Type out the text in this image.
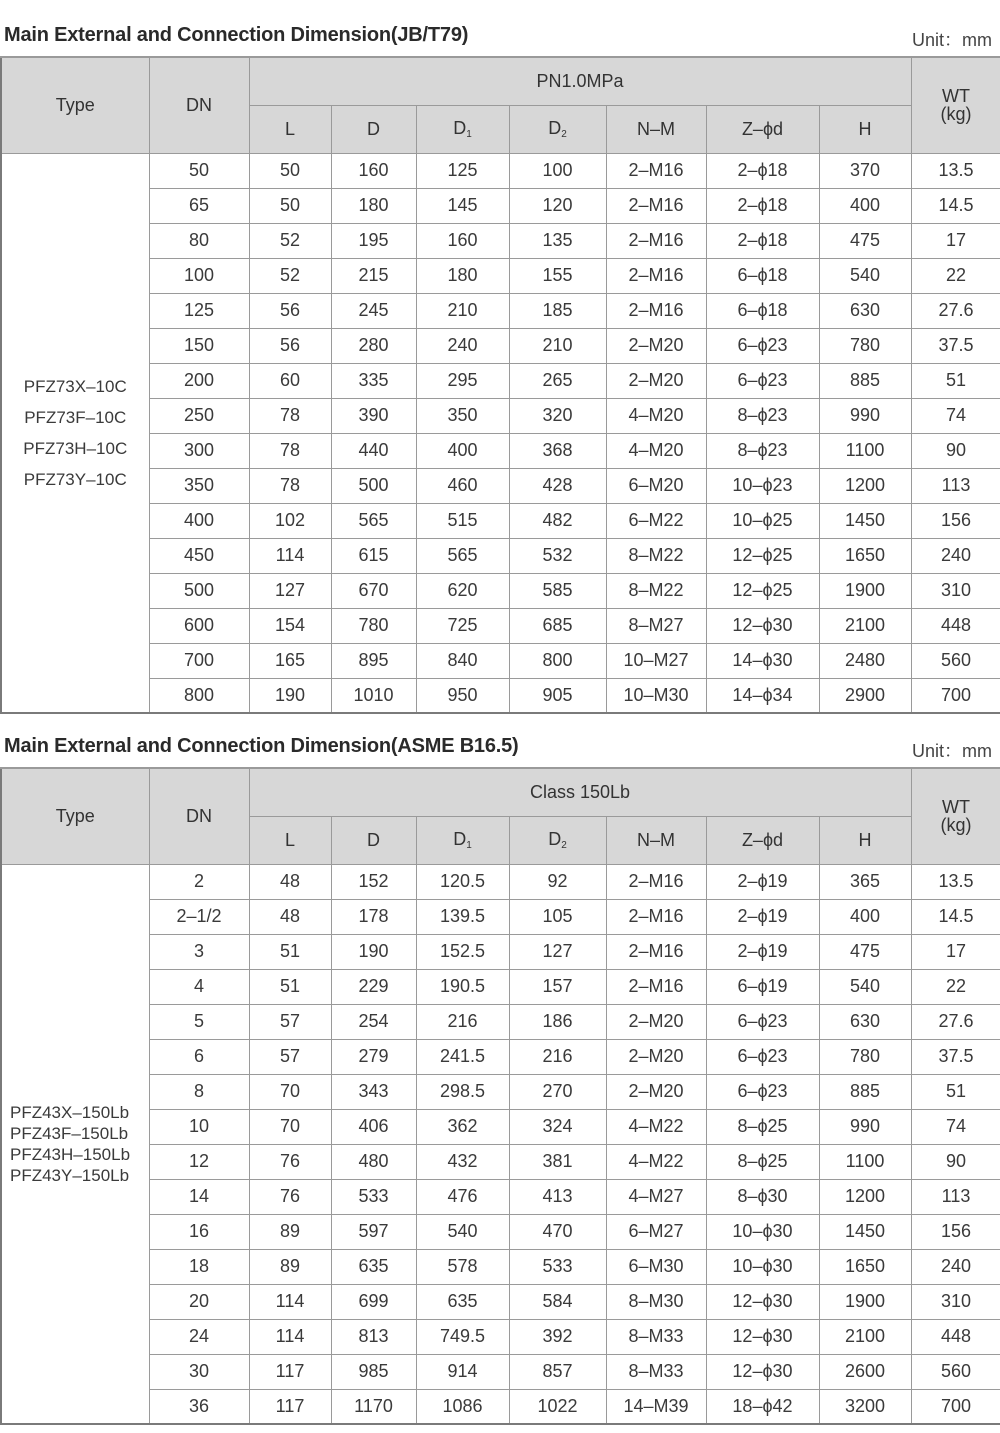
Main External and Connection Dimension(JB/T79)	Unit：mm
Type	DN	PN1.0MPa							WT
(kg)

		L	D	$D_1$	$D_2$	N–M	Z–ϕd	H	

PFZ73X–10C
PFZ73F–10C
PFZ73H–10C
PFZ73Y–10C	50	50	160	125	100	2–M16	2–ϕ18	370	13.5
	65	50	180	145	120	2–M16	2–ϕ18	400	14.5
	80	52	195	160	135	2–M16	2–ϕ18	475	17
	100	52	215	180	155	2–M16	6–ϕ18	540	22
	125	56	245	210	185	2–M16	6–ϕ18	630	27.6
	150	56	280	240	210	2–M20	6–ϕ23	780	37.5
	200	60	335	295	265	2–M20	6–ϕ23	885	51
	250	78	390	350	320	4–M20	8–ϕ23	990	74
	300	78	440	400	368	4–M20	8–ϕ23	1100	90
	350	78	500	460	428	6–M20	10–ϕ23	1200	113
	400	102	565	515	482	6–M22	10–ϕ25	1450	156
	450	114	615	565	532	8–M22	12–ϕ25	1650	240
	500	127	670	620	585	8–M22	12–ϕ25	1900	310
	600	154	780	725	685	8–M27	12–ϕ30	2100	448
	700	165	895	840	800	10–M27	14–ϕ30	2480	560
	800	190	1010	950	905	10–M30	14–ϕ34	2900	700
Main External and Connection Dimension(ASME B16.5)	Unit：mm
Type	DN	Class 150Lb							WT
(kg)

		L	D	$D_1$	$D_2$	N–M	Z–ϕd	H	

PFZ43X–150Lb
PFZ43F–150Lb
PFZ43H–150Lb
PFZ43Y–150Lb	2	48	152	120.5	92	2–M16	2–ϕ19	365	13.5
	2–1/2	48	178	139.5	105	2–M16	2–ϕ19	400	14.5
	3	51	190	152.5	127	2–M16	2–ϕ19	475	17
	4	51	229	190.5	157	2–M16	6–ϕ19	540	22
	5	57	254	216	186	2–M20	6–ϕ23	630	27.6
	6	57	279	241.5	216	2–M20	6–ϕ23	780	37.5
	8	70	343	298.5	270	2–M20	6–ϕ23	885	51
	10	70	406	362	324	4–M22	8–ϕ25	990	74
	12	76	480	432	381	4–M22	8–ϕ25	1100	90
	14	76	533	476	413	4–M27	8–ϕ30	1200	113
	16	89	597	540	470	6–M27	10–ϕ30	1450	156
	18	89	635	578	533	6–M30	10–ϕ30	1650	240
	20	114	699	635	584	8–M30	12–ϕ30	1900	310
	24	114	813	749.5	392	8–M33	12–ϕ30	2100	448
	30	117	985	914	857	8–M33	12–ϕ30	2600	560
	36	117	1170	1086	1022	14–M39	18–ϕ42	3200	700
